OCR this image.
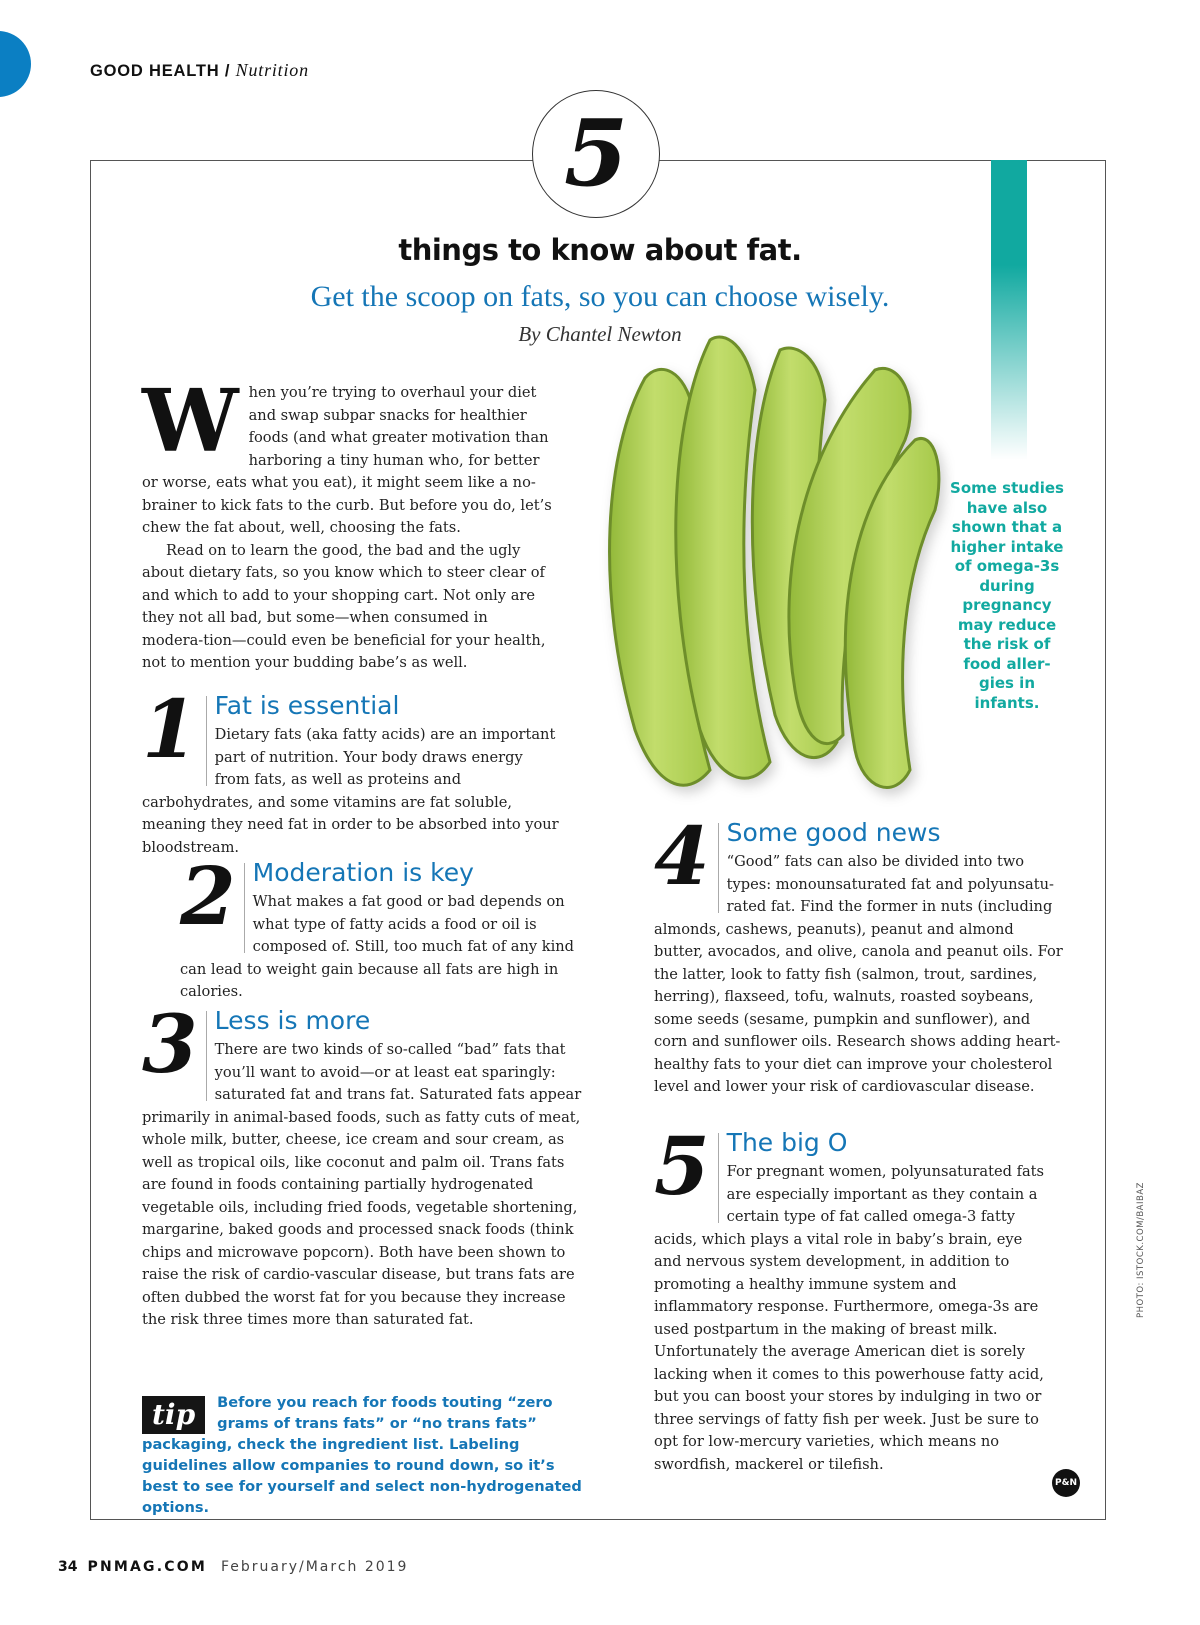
GOOD HEALTH / Nutrition
5
things to know about fat.
Get the scoop on fats, so you can choose wisely.
By Chantel Newton

When you’re trying to overhaul your diet and swap subpar snacks for healthier foods (and what greater motivation than harboring a tiny human who, for better or worse, eats what you eat), it might seem like a no-brainer to kick fats to the curb. But before you do, let’s chew the fat about, well, choosing the fats.

Read on to learn the good, the bad and the ugly about dietary fats, so you know which to steer clear of and which to add to your shopping cart. Not only are they not all bad, but some—when consumed in modera-tion—could even be beneficial for your health, not to mention your budding babe’s as well.

Some studies have also shown that a higher intake of omega-3s during pregnancy may reduce the risk of food aller-gies in infants.
1 Fat is essential

Dietary fats (aka fatty acids) are an important part of nutrition. Your body draws energy from fats, as well as proteins and carbohydrates, and some vitamins are fat soluble, meaning they need fat in order to be absorbed into your bloodstream.

2 Moderation is key

What makes a fat good or bad depends on what type of fatty acids a food or oil is composed of. Still, too much fat of any kind can lead to weight gain because all fats are high in calories.

3 Less is more

There are two kinds of so-called “bad” fats that you’ll want to avoid—or at least eat sparingly: saturated fat and trans fat. Saturated fats appear primarily in animal-based foods, such as fatty cuts of meat, whole milk, butter, cheese, ice cream and sour cream, as well as tropical oils, like coconut and palm oil. Trans fats are found in foods containing partially hydrogenated vegetable oils, including fried foods, vegetable shortening, margarine, baked goods and processed snack foods (think chips and microwave popcorn). Both have been shown to raise the risk of cardio-vascular disease, but trans fats are often dubbed the worst fat for you because they increase the risk three times more than saturated fat.

4 Some good news

“Good” fats can also be divided into two types: monounsaturated fat and polyunsatu-rated fat. Find the former in nuts (including almonds, cashews, peanuts), peanut and almond butter, avocados, and olive, canola and peanut oils. For the latter, look to fatty fish (salmon, trout, sardines, herring), flaxseed, tofu, walnuts, roasted soybeans, some seeds (sesame, pumpkin and sunflower), and corn and sunflower oils. Research shows adding heart-healthy fats to your diet can improve your cholesterol level and lower your risk of cardiovascular disease.

5 The big O

For pregnant women, polyunsaturated fats are especially important as they contain a certain type of fat called omega-3 fatty acids, which plays a vital role in baby’s brain, eye and nervous system development, in addition to promoting a healthy immune system and inflammatory response. Furthermore, omega-3s are used postpartum in the making of breast milk. Unfortunately the average American diet is sorely lacking when it comes to this powerhouse fatty acid, but you can boost your stores by indulging in two or three servings of fatty fish per week. Just be sure to opt for low-mercury varieties, which means no swordfish, mackerel or tilefish.

tip	Before you reach for foods touting “zero grams of trans fats” or “no trans fats” packaging, check the ingredient list. Labeling guidelines allow companies to round down, so it’s best to see for yourself and select non-hydrogenated options.

PHOTO: ISTOCK.COM/BAIBAZ
P&N
34 PNMAG.COM February/March 2019
